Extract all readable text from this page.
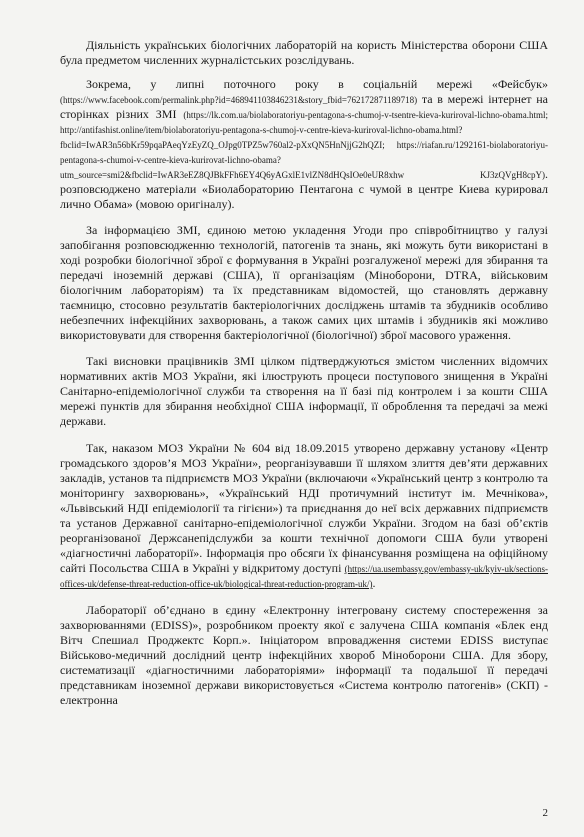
Діяльність українських біологічних лабораторій на користь Міністерства оборони США була предметом численних журналістських розслідувань.

Зокрема, у липні поточного року в соціальній мережі «Фейсбук» (https://www.facebook.com/permalink.php?id=468941103846231&story_fbid=762172871189718) та в мережі інтернет на сторінках різних ЗМІ (https://lk.com.ua/biolaboratoriyu-pentagona-s-chumoj-v-tsentre-kieva-kuriroval-lichno-obama.html; http://antifashist.online/item/biolaboratoriyu-pentagona-s-chumoj-v-centre-kieva-kuriroval-lichno-obama.html?fbclid=IwAR3n56bKr59pqaPAeqYzEyZQ_OJpg0TPZ5w760al2-pXxQN5HnNjjG2hQZI; https://riafan.ru/1292161-biolaboratoriyu-pentagona-s-chumoi-v-centre-kieva-kurirovat-lichno-obama?utm_source=smi2&fbclid=IwAR3eEZ8QJBkFFh6EY4Q6yAGxlE1vlZN8dHQsIOe0eUR8xhw KJ3zQVgH8cpY). розповсюджено матеріали «Биолабораторию Пентагона с чумой в центре Киева курировал лично Обама» (мовою оригіналу).

За інформацією ЗМІ, єдиною метою укладення Угоди про співробітництво у галузі запобігання розповсюдженню технологій, патогенів та знань, які можуть бути використані в ході розробки біологічної зброї є формування в Україні розгалуженої мережі для збирання та передачі іноземній державі (США), її організаціям (Міноборони, DTRA, військовим біологічним лабораторіям) та їх представникам відомостей, що становлять державну таємницю, стосовно результатів бактеріологічних досліджень штамів та збудників особливо небезпечних інфекційних захворювань, а також самих цих штамів і збудників які можливо використовувати для створення бактеріологічної (біологічної) зброї масового ураження.

Такі висновки працівників ЗМІ цілком підтверджуються змістом численних відомчих нормативних актів МОЗ України, які ілюструють процеси поступового знищення в Україні Санітарно-епідеміологічної служби та створення на її базі під контролем і за кошти США мережі пунктів для збирання необхідної США інформації, її оброблення та передачі за межі держави.

Так, наказом МОЗ України № 604 від 18.09.2015 утворено державну установу «Центр громадського здоров’я МОЗ України», реорганізувавши її шляхом злиття дев’яти державних закладів, установ та підприємств МОЗ України (включаючи «Український центр з контролю та моніторингу захворювань», «Український НДІ протичумний інститут ім. Мечнікова», «Львівський НДІ епідеміології та гігієни») та приєднання до неї всіх державних підприємств та установ Державної санітарно-епідеміологічної служби України. Згодом на базі об’єктів реорганізованої Держсанепідслужби за кошти технічної допомоги США були утворені «діагностичні лабораторії». Інформація про обсяги їх фінансування розміщена на офіційному сайті Посольства США в Україні у відкритому доступі (https://ua.usembassy.gov/embassy-uk/kyiv-uk/sections-offices-uk/defense-threat-reduction-office-uk/biological-threat-reduction-program-uk/).

Лабораторії об’єднано в єдину «Електронну інтегровану систему спостереження за захворюваннями (EDISS)», розробником проекту якої є залучена США компанія «Блек енд Вітч Спешиал Проджектс Корп.». Ініціатором впровадження системи EDISS виступає Військово-медичний дослідний центр інфекційних хвороб Міноборони США. Для збору, систематизації «діагностичними лабораторіями» інформації та подальшої її передачі представникам іноземної держави використовується «Система контролю патогенів» (СКП) - електронна

2
